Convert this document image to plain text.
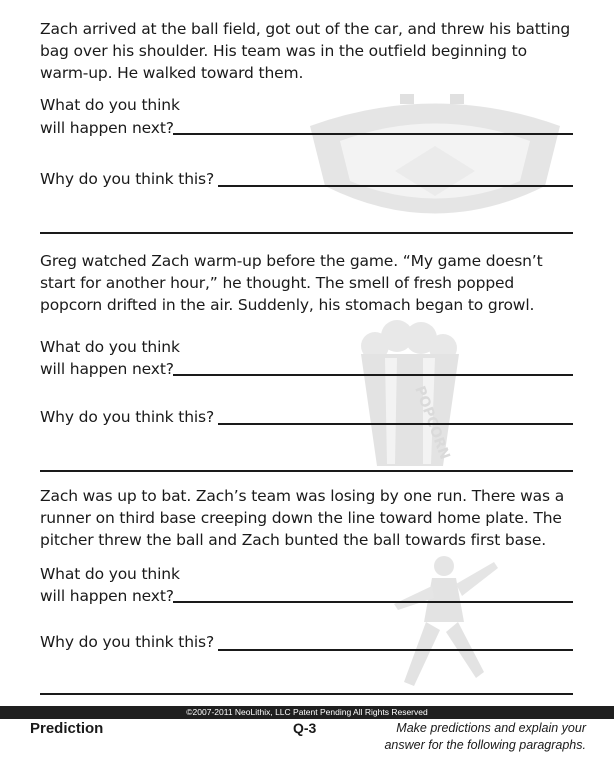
POPCORN
Zach arrived at the ball field, got out of the car, and threw his batting bag over his shoulder. His team was in the outfield beginning to warm-up. He walked toward them.
What do you think
will happen next?
Why do you think this?
Greg watched Zach warm-up before the game. “My game doesn’t start for another hour,” he thought. The smell of fresh popped popcorn drifted in the air. Suddenly, his stomach began to growl.
What do you think
will happen next?
Why do you think this?
Zach was up to bat. Zach’s team was losing by one run. There was a runner on third base creeping down the line toward home plate. The pitcher threw the ball and Zach bunted the ball towards first base.
What do you think
will happen next?
Why do you think this?
©2007-2011 NeoLithix, LLC Patent Pending All Rights Reserved
Prediction	Q-3	Make predictions and explain your
answer for the following paragraphs.
